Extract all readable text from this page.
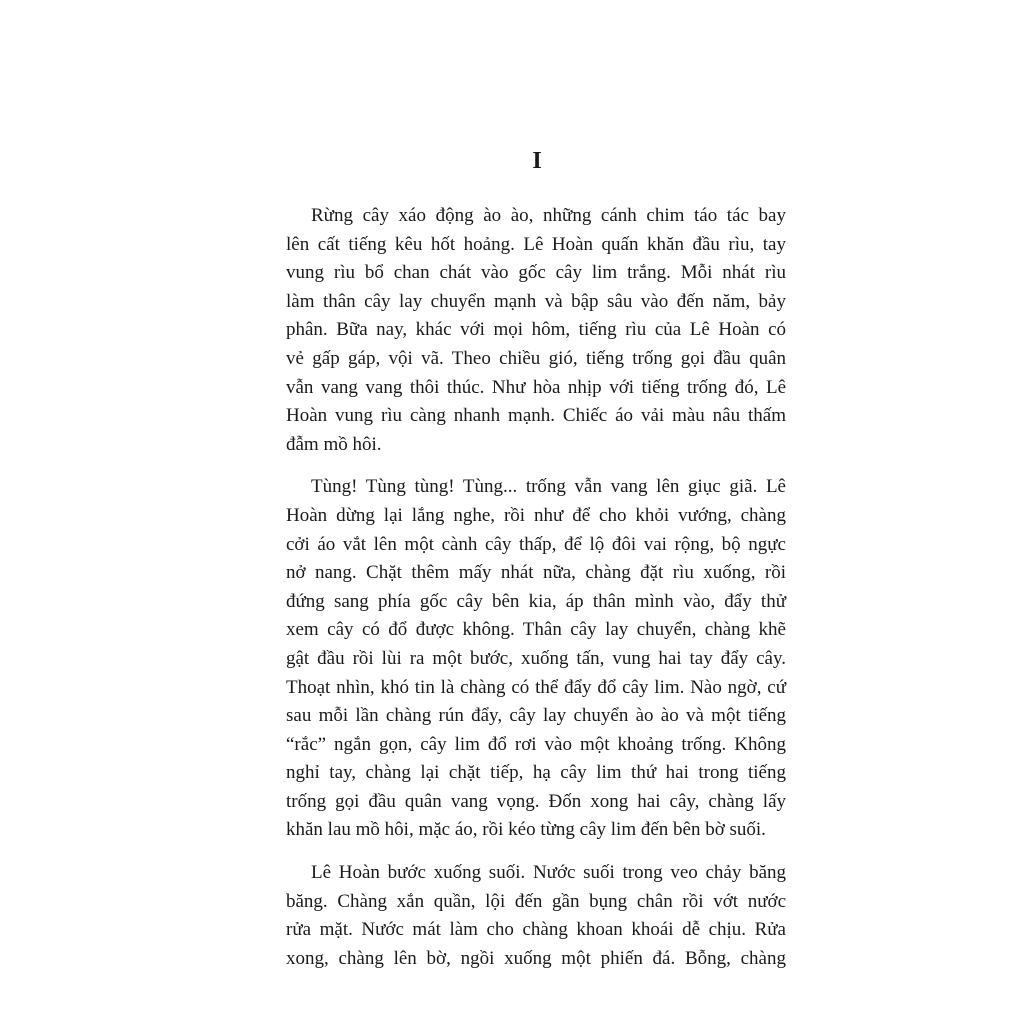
I
Rừng cây xáo động ào ào, những cánh chim táo tác bay
lên cất tiếng kêu hốt hoảng. Lê Hoàn quấn khăn đầu rìu, tay
vung rìu bổ chan chát vào gốc cây lim trắng. Mỗi nhát rìu
làm thân cây lay chuyển mạnh và bập sâu vào đến năm, bảy
phân. Bữa nay, khác với mọi hôm, tiếng rìu của Lê Hoàn có
vẻ gấp gáp, vội vã. Theo chiều gió, tiếng trống gọi đầu quân
vẫn vang vang thôi thúc. Như hòa nhịp với tiếng trống đó, Lê
Hoàn vung rìu càng nhanh mạnh. Chiếc áo vải màu nâu thấm
đẫm mồ hôi.
Tùng! Tùng tùng! Tùng... trống vẫn vang lên giục giã. Lê
Hoàn dừng lại lắng nghe, rồi như để cho khỏi vướng, chàng
cởi áo vắt lên một cành cây thấp, để lộ đôi vai rộng, bộ ngực
nở nang. Chặt thêm mấy nhát nữa, chàng đặt rìu xuống, rồi
đứng sang phía gốc cây bên kia, áp thân mình vào, đẩy thử
xem cây có đổ được không. Thân cây lay chuyển, chàng khẽ
gật đầu rồi lùi ra một bước, xuống tấn, vung hai tay đẩy cây.
Thoạt nhìn, khó tin là chàng có thể đẩy đổ cây lim. Nào ngờ, cứ
sau mỗi lần chàng rún đẩy, cây lay chuyển ào ào và một tiếng
“rắc” ngắn gọn, cây lim đổ rơi vào một khoảng trống. Không
nghỉ tay, chàng lại chặt tiếp, hạ cây lim thứ hai trong tiếng
trống gọi đầu quân vang vọng. Đốn xong hai cây, chàng lấy
khăn lau mồ hôi, mặc áo, rồi kéo từng cây lim đến bên bờ suối.
Lê Hoàn bước xuống suối. Nước suối trong veo chảy băng
băng. Chàng xắn quần, lội đến gần bụng chân rồi vớt nước
rửa mặt. Nước mát làm cho chàng khoan khoái dễ chịu. Rửa
xong, chàng lên bờ, ngồi xuống một phiến đá. Bỗng, chàng
